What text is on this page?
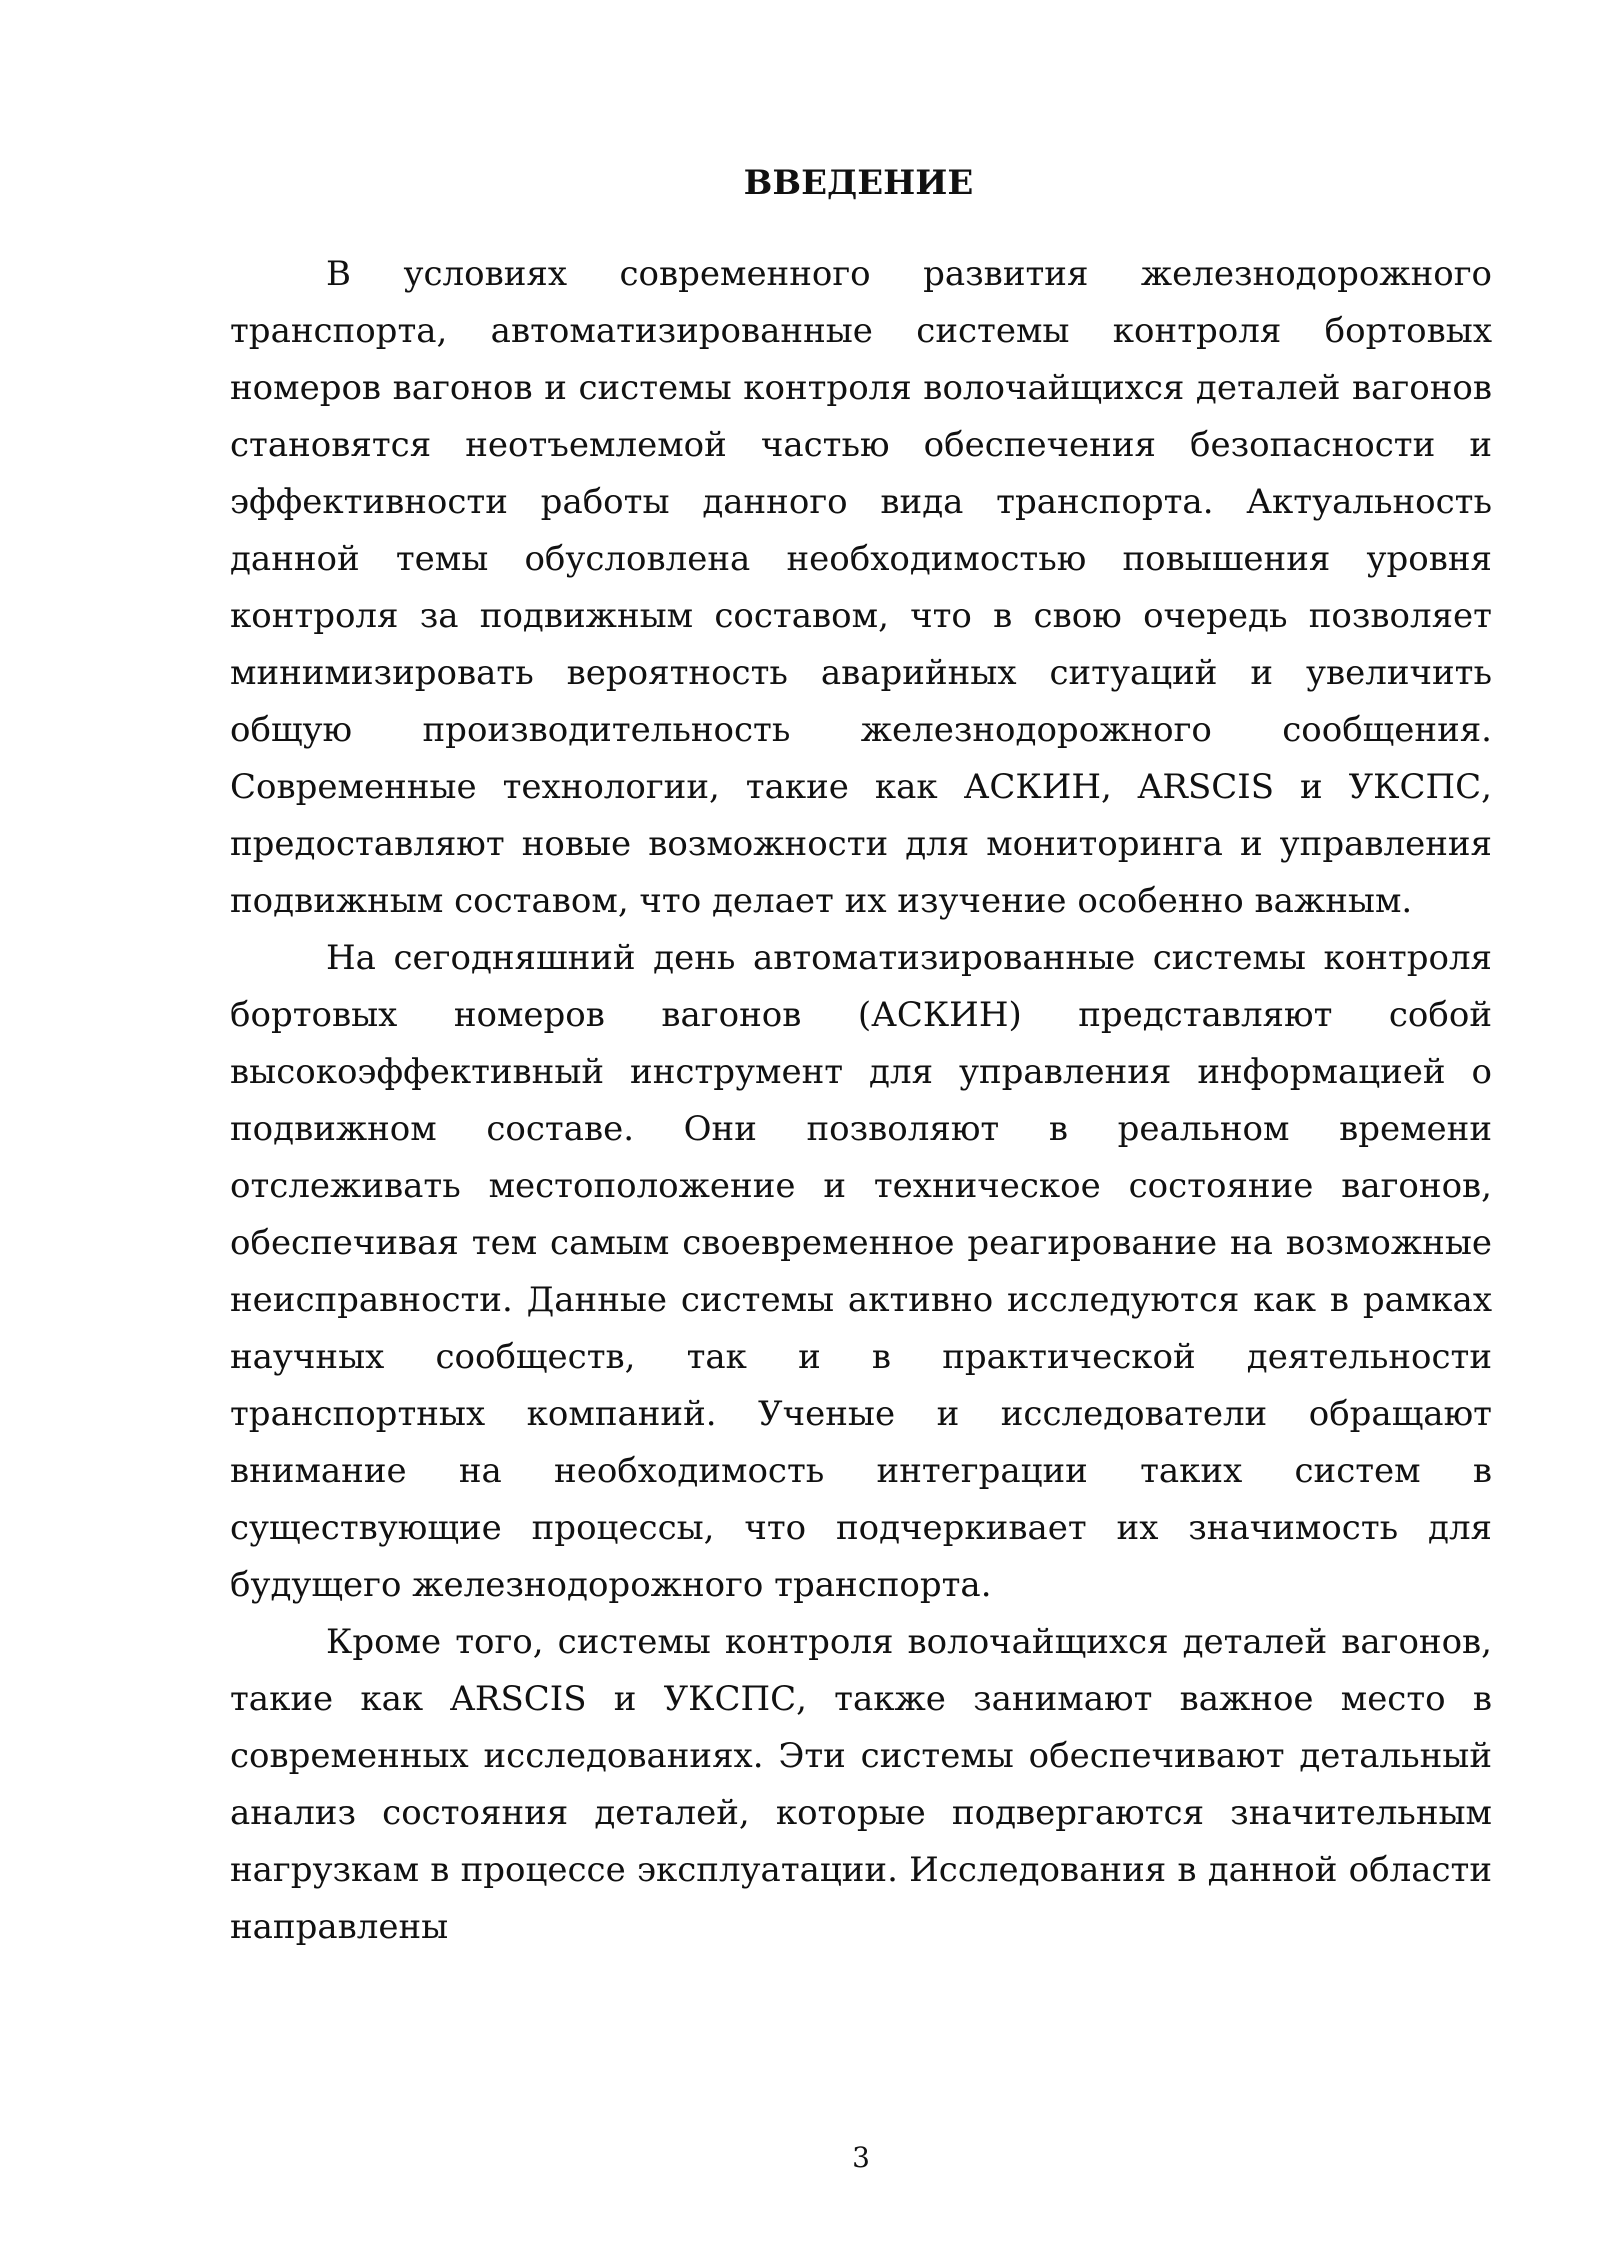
ВВЕДЕНИЕ

В условиях современного развития железнодорожного транспорта, автоматизированные системы контроля бортовых номеров вагонов и системы контроля волочайщихся деталей вагонов становятся неотъемлемой частью обеспечения безопасности и эффективности работы данного вида транспорта. Актуальность данной темы обусловлена необходимостью повышения уровня контроля за подвижным составом, что в свою очередь позволяет минимизировать вероятность аварийных ситуаций и увеличить общую производительность железнодорожного сообщения. Современные технологии, такие как АСКИН, ARSCIS и УКСПС, предоставляют новые возможности для мониторинга и управления подвижным составом, что делает их изучение особенно важным.

На сегодняшний день автоматизированные системы контроля бортовых номеров вагонов (АСКИН) представляют собой высокоэффективный инструмент для управления информацией о подвижном составе. Они позволяют в реальном времени отслеживать местоположение и техническое состояние вагонов, обеспечивая тем самым своевременное реагирование на возможные неисправности. Данные системы активно исследуются как в рамках научных сообществ, так и в практической деятельности транспортных компаний. Ученые и исследователи обращают внимание на необходимость интеграции таких систем в существующие процессы, что подчеркивает их значимость для будущего железнодорожного транспорта.

Кроме того, системы контроля волочайщихся деталей вагонов, такие как ARSCIS и УКСПС, также занимают важное место в современных исследованиях. Эти системы обеспечивают детальный анализ состояния деталей, которые подвергаются значительным нагрузкам в процессе эксплуатации. Исследования в данной области направлены

3
